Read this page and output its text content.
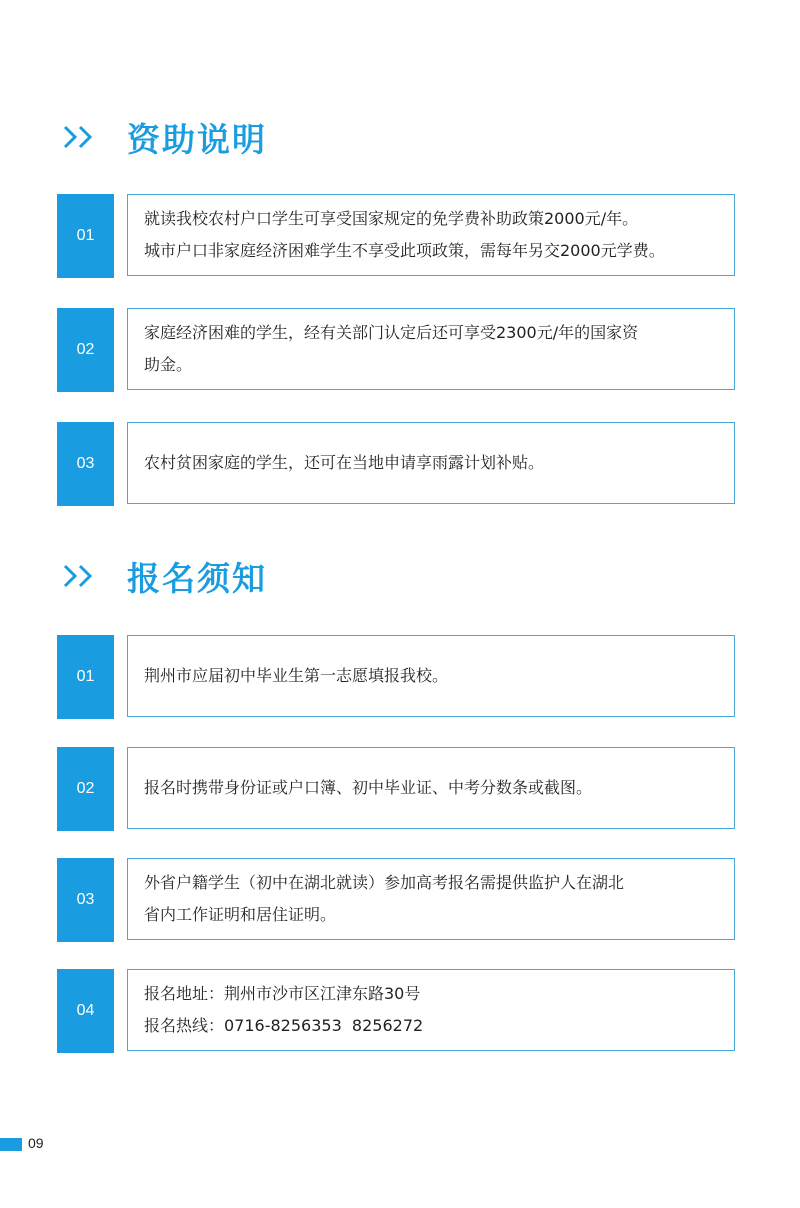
资助说明
01
就读我校农村户口学生可享受国家规定的免学费补助政策2000元/年。
城市户口非家庭经济困难学生不享受此项政策，需每年另交2000元学费。
02
家庭经济困难的学生，经有关部门认定后还可享受2300元/年的国家资
助金。
03	农村贫困家庭的学生，还可在当地申请享雨露计划补贴。
报名须知
01	荆州市应届初中毕业生第一志愿填报我校。
02	报名时携带身份证或户口簿、初中毕业证、中考分数条或截图。
03
外省户籍学生（初中在湖北就读）参加高考报名需提供监护人在湖北
省内工作证明和居住证明。
04
报名地址：荆州市沙市区江津东路30号
报名热线：0716-8256353  8256272
09
